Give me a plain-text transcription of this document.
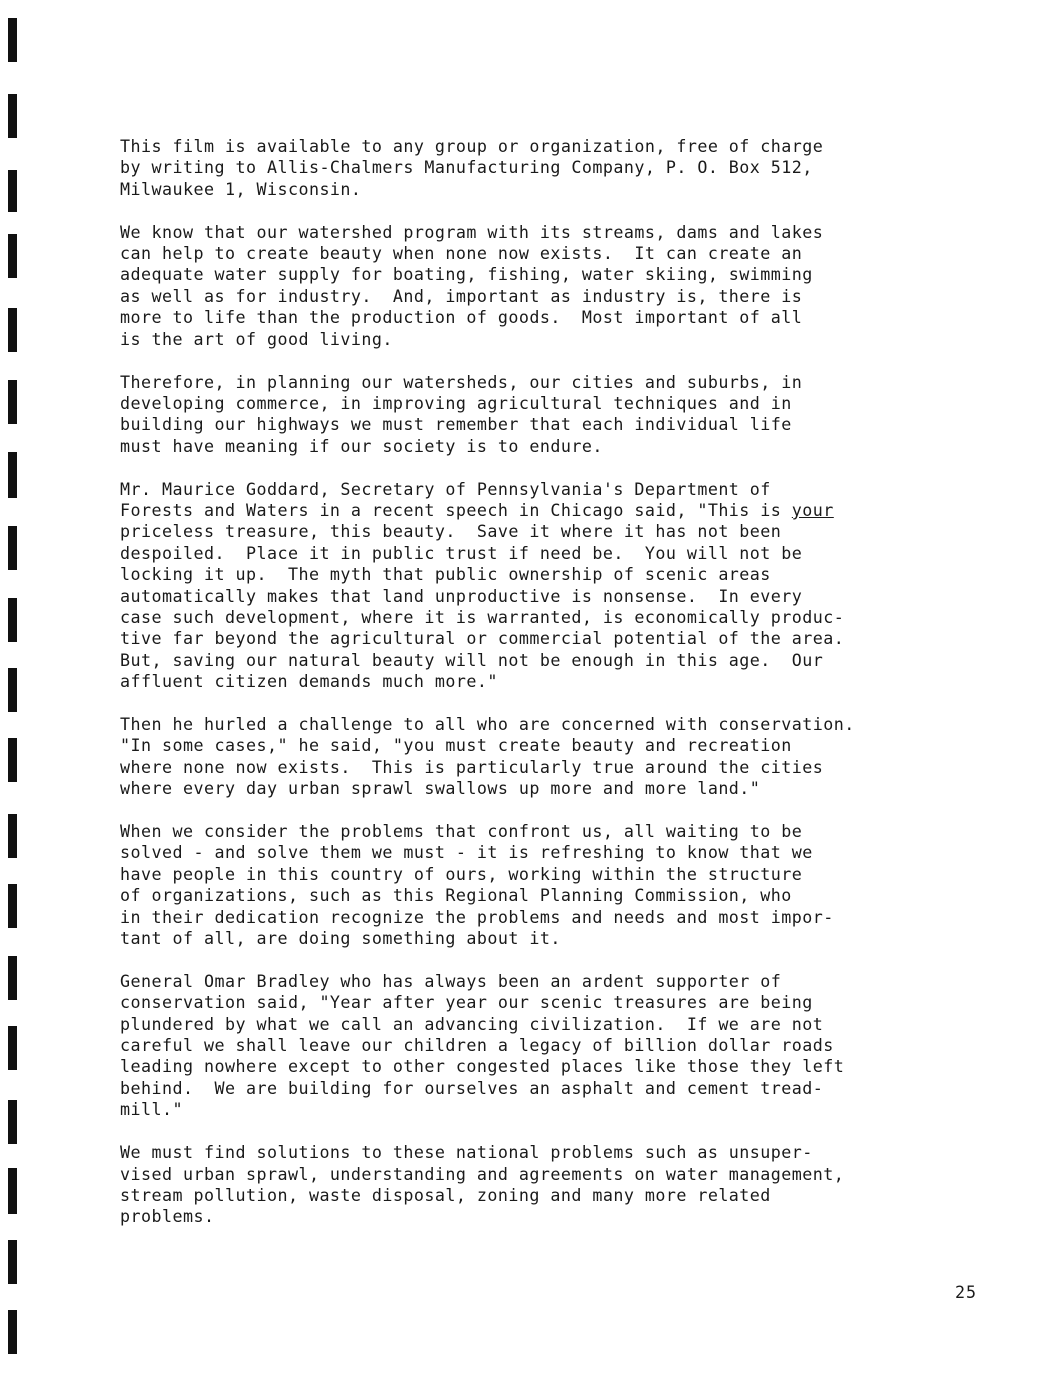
This film is available to any group or organization, free of charge
by writing to Allis-Chalmers Manufacturing Company, P. O. Box 512,
Milwaukee 1, Wisconsin.
We know that our watershed program with its streams, dams and lakes
can help to create beauty when none now exists.  It can create an
adequate water supply for boating, fishing, water skiing, swimming
as well as for industry.  And, important as industry is, there is
more to life than the production of goods.  Most important of all
is the art of good living.
Therefore, in planning our watersheds, our cities and suburbs, in
developing commerce, in improving agricultural techniques and in
building our highways we must remember that each individual life
must have meaning if our society is to endure.
Mr. Maurice Goddard, Secretary of Pennsylvania's Department of
Forests and Waters in a recent speech in Chicago said, "This is your
priceless treasure, this beauty.  Save it where it has not been
despoiled.  Place it in public trust if need be.  You will not be
locking it up.  The myth that public ownership of scenic areas
automatically makes that land unproductive is nonsense.  In every
case such development, where it is warranted, is economically produc-
tive far beyond the agricultural or commercial potential of the area.
But, saving our natural beauty will not be enough in this age.  Our
affluent citizen demands much more."
Then he hurled a challenge to all who are concerned with conservation.
"In some cases," he said, "you must create beauty and recreation
where none now exists.  This is particularly true around the cities
where every day urban sprawl swallows up more and more land."
When we consider the problems that confront us, all waiting to be
solved - and solve them we must - it is refreshing to know that we
have people in this country of ours, working within the structure
of organizations, such as this Regional Planning Commission, who
in their dedication recognize the problems and needs and most impor-
tant of all, are doing something about it.
General Omar Bradley who has always been an ardent supporter of
conservation said, "Year after year our scenic treasures are being
plundered by what we call an advancing civilization.  If we are not
careful we shall leave our children a legacy of billion dollar roads
leading nowhere except to other congested places like those they left
behind.  We are building for ourselves an asphalt and cement tread-
mill."
We must find solutions to these national problems such as unsuper-
vised urban sprawl, understanding and agreements on water management,
stream pollution, waste disposal, zoning and many more related
problems.
25
